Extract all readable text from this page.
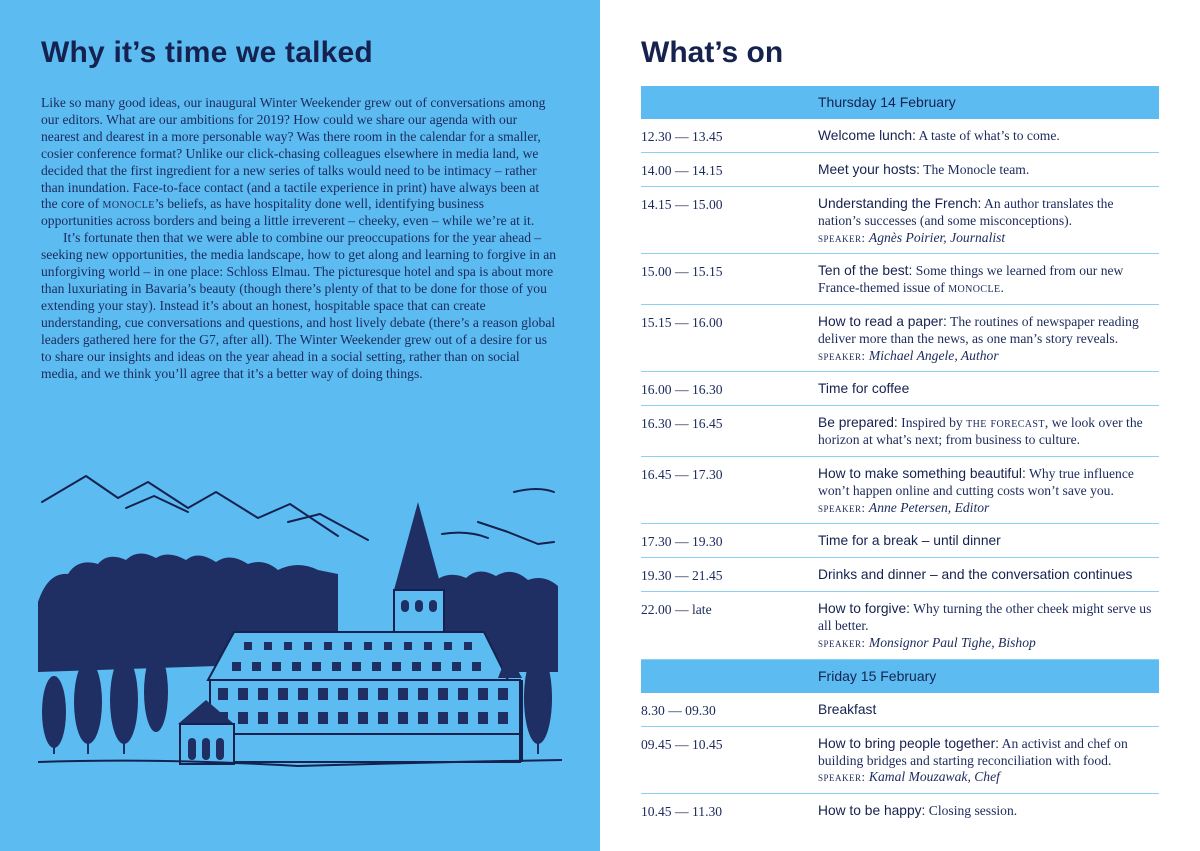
Why it’s time we talked

Like so many good ideas, our inaugural Winter Weekender grew out of conversations among our editors. What are our ambitions for 2019? How could we share our agenda with our nearest and dearest in a more personable way? Was there room in the calendar for a smaller, cosier conference format? Unlike our click-chasing colleagues elsewhere in media land, we decided that the first ingredient for a new series of talks would need to be intimacy – rather than inundation. Face-to-face contact (and a tactile experience in print) have always been at the core of monocle’s beliefs, as have hospitality done well, identifying business opportunities across borders and being a little irreverent – cheeky, even – while we’re at it.

It’s fortunate then that we were able to combine our preoccupations for the year ahead – seeking new opportunities, the media landscape, how to get along and learning to forgive in an unforgiving world – in one place: Schloss Elmau. The picturesque hotel and spa is about more than luxuriating in Bavaria’s beauty (though there’s plenty of that to be done for those of you extending your stay). Instead it’s about an honest, hospitable space that can create understanding, cue conversations and questions, and host lively debate (there’s a reason global leaders gathered here for the G7, after all). The Winter Weekender grew out of a desire for us to share our insights and ideas on the year ahead in a social setting, rather than on social media, and we think you’ll agree that it’s a better way of doing things.

What’s on
Thursday 14 February
12.30 — 13.45	Welcome lunch: A taste of what’s to come.
14.00 — 14.15	Meet your hosts: The Monocle team.
14.15 — 15.00	Understanding the French: An author translates the nation’s successes (and some misconceptions).
speaker: Agnès Poirier, Journalist
15.00 — 15.15	Ten of the best: Some things we learned from our new France-themed issue of monocle.
15.15 — 16.00	How to read a paper: The routines of newspaper reading deliver more than the news, as one man’s story reveals.
speaker: Michael Angele, Author
16.00 — 16.30	Time for coffee
16.30 — 16.45	Be prepared: Inspired by the forecast, we look over the horizon at what’s next; from business to culture.
16.45 — 17.30	How to make something beautiful: Why true influence won’t happen online and cutting costs won’t save you.
speaker: Anne Petersen, Editor
17.30 — 19.30	Time for a break – until dinner
19.30 — 21.45	Drinks and dinner – and the conversation continues
22.00 — late	How to forgive: Why turning the other cheek might serve us all better.
speaker: Monsignor Paul Tighe, Bishop
Friday 15 February
8.30 — 09.30	Breakfast
09.45 — 10.45	How to bring people together: An activist and chef on building bridges and starting reconciliation with food.
speaker: Kamal Mouzawak, Chef
10.45 — 11.30	How to be happy: Closing session.
